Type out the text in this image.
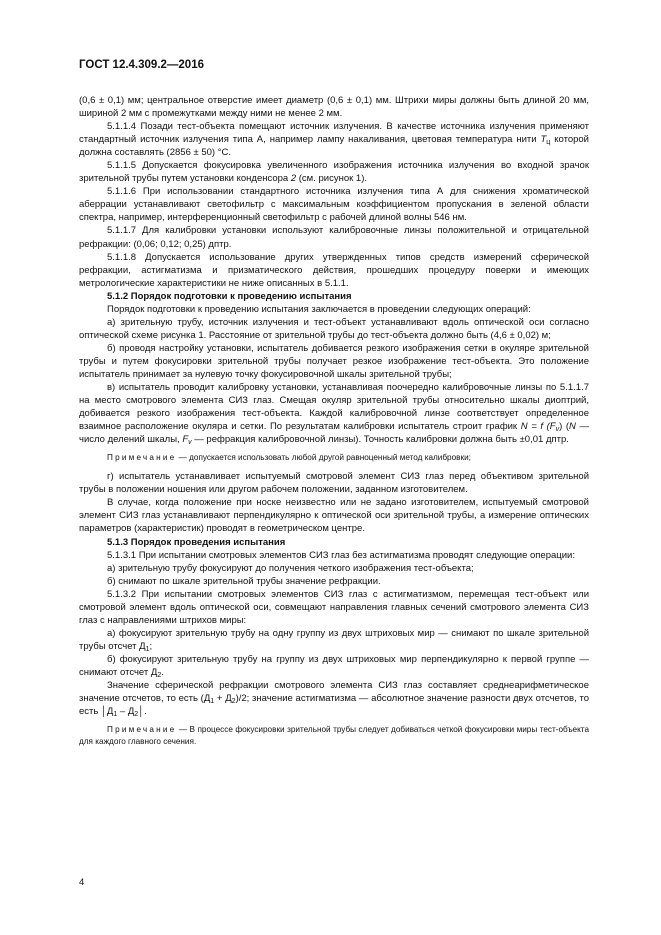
ГОСТ 12.4.309.2—2016

(0,6 ± 0,1) мм; центральное отверстие имеет диаметр (0,6 ± 0,1) мм. Штрихи миры должны быть длиной 20 мм, шириной 2 мм с промежутками между ними не менее 2 мм.

5.1.1.4 Позади тест-объекта помещают источник излучения. В качестве источника излучения применяют стандартный источник излучения типа А, например лампу накаливания, цветовая температура нити $T_ц$ которой должна составлять (2856 ± 50) °С.

5.1.1.5 Допускается фокусировка увеличенного изображения источника излучения во входной зрачок зрительной трубы путем установки конденсора 2 (см. рисунок 1).

5.1.1.6 При использовании стандартного источника излучения типа А для снижения хроматической аберрации устанавливают светофильтр с максимальным коэффициентом пропускания в зеленой области спектра, например, интерференционный светофильтр с рабочей длиной волны 546 нм.

5.1.1.7 Для калибровки установки используют калибровочные линзы положительной и отрицательной рефракции: (0,06; 0,12; 0,25) дптр.

5.1.1.8 Допускается использование других утвержденных типов средств измерений сферической рефракции, астигматизма и призматического действия, прошедших процедуру поверки и имеющих метрологические характеристики не ниже описанных в 5.1.1.

5.1.2 Порядок подготовки к проведению испытания

Порядок подготовки к проведению испытания заключается в проведении следующих операций:

а) зрительную трубу, источник излучения и тест-объект устанавливают вдоль оптической оси согласно оптической схеме рисунка 1. Расстояние от зрительной трубы до тест-объекта должно быть (4,6 ± 0,02) м;

б) проводя настройку установки, испытатель добивается резкого изображения сетки в окуляре зрительной трубы и путем фокусировки зрительной трубы получает резкое изображение тест-объекта. Это положение испытатель принимает за нулевую точку фокусировочной шкалы зрительной трубы;

в) испытатель проводит калибровку установки, устанавливая поочередно калибровочные линзы по 5.1.1.7 на место смотрового элемента СИЗ глаз. Смещая окуляр зрительной трубы относительно шкалы диоптрий, добивается резкого изображения тест-объекта. Каждой калибровочной линзе соответствует определенное взаимное расположение окуляра и сетки. По результатам калибровки испытатель строит график N = f $(F_v)$ (N — число делений шкалы, $F_v$ — рефракция калибровочной линзы). Точность калибровки должна быть ±0,01 дптр.

Примечание — допускается использовать любой другой равноценный метод калибровки;

г) испытатель устанавливает испытуемый смотровой элемент СИЗ глаз перед объективом зрительной трубы в положении ношения или другом рабочем положении, заданном изготовителем.

В случае, когда положение при носке неизвестно или не задано изготовителем, испытуемый смотровой элемент СИЗ глаз устанавливают перпендикулярно к оптической оси зрительной трубы, а измерение оптических параметров (характеристик) проводят в геометрическом центре.

5.1.3 Порядок проведения испытания

5.1.3.1 При испытании смотровых элементов СИЗ глаз без астигматизма проводят следующие операции:

а) зрительную трубу фокусируют до получения четкого изображения тест-объекта;

б) снимают по шкале зрительной трубы значение рефракции.

5.1.3.2 При испытании смотровых элементов СИЗ глаз с астигматизмом, перемещая тест-объект или смотровой элемент вдоль оптической оси, совмещают направления главных сечений смотрового элемента СИЗ глаз с направлениями штрихов миры:

а) фокусируют зрительную трубу на одну группу из двух штриховых мир — снимают по шкале зрительной трубы отсчет $Д_1$;

б) фокусируют зрительную трубу на группу из двух штриховых мир перпендикулярно к первой группе — снимают отсчет $Д_2$.

Значение сферической рефракции смотрового элемента СИЗ глаз составляет среднеарифметическое значение отсчетов, то есть $(Д_1 + Д_2)/2$; значение астигматизма — абсолютное значение разности двух отсчетов, то есть $│Д_1$ – $Д_2│$.

Примечание — В процессе фокусировки зрительной трубы следует добиваться четкой фокусировки миры тест-объекта для каждого главного сечения.

4
